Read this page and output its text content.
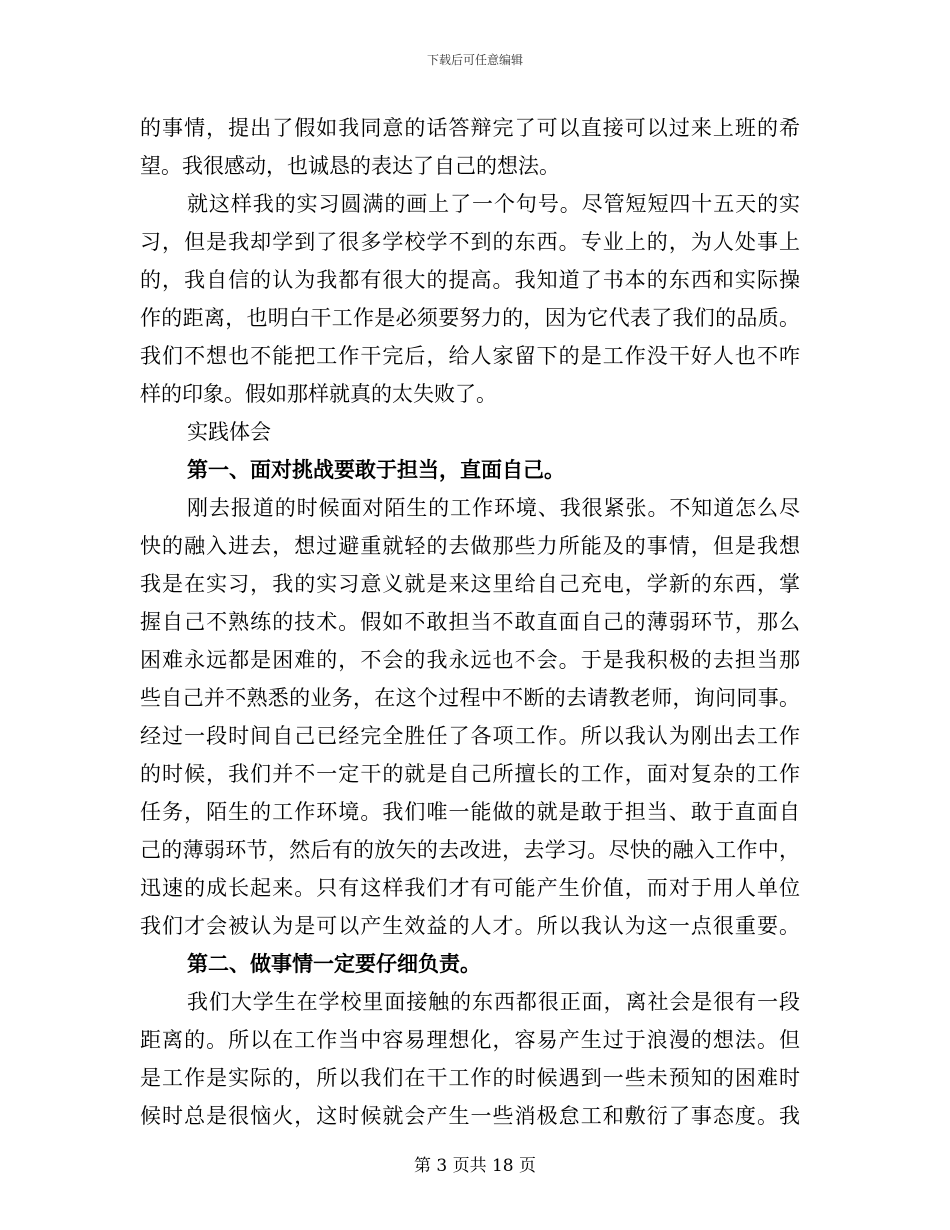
下载后可任意编辑
的事情，提出了假如我同意的话答辩完了可以直接可以过来上班的希
望。我很感动，也诚恳的表达了自己的想法。
就这样我的实习圆满的画上了一个句号。尽管短短四十五天的实
习，但是我却学到了很多学校学不到的东西。专业上的，为人处事上
的，我自信的认为我都有很大的提高。我知道了书本的东西和实际操
作的距离，也明白干工作是必须要努力的，因为它代表了我们的品质。
我们不想也不能把工作干完后，给人家留下的是工作没干好人也不咋
样的印象。假如那样就真的太失败了。
实践体会
第一、面对挑战要敢于担当，直面自己。
刚去报道的时候面对陌生的工作环境、我很紧张。不知道怎么尽
快的融入进去，想过避重就轻的去做那些力所能及的事情，但是我想
我是在实习，我的实习意义就是来这里给自己充电，学新的东西，掌
握自己不熟练的技术。假如不敢担当不敢直面自己的薄弱环节，那么
困难永远都是困难的，不会的我永远也不会。于是我积极的去担当那
些自己并不熟悉的业务，在这个过程中不断的去请教老师，询问同事。
经过一段时间自己已经完全胜任了各项工作。所以我认为刚出去工作
的时候，我们并不一定干的就是自己所擅长的工作，面对复杂的工作
任务，陌生的工作环境。我们唯一能做的就是敢于担当、敢于直面自
己的薄弱环节，然后有的放矢的去改进，去学习。尽快的融入工作中，
迅速的成长起来。只有这样我们才有可能产生价值，而对于用人单位
我们才会被认为是可以产生效益的人才。所以我认为这一点很重要。
第二、做事情一定要仔细负责。
我们大学生在学校里面接触的东西都很正面，离社会是很有一段
距离的。所以在工作当中容易理想化，容易产生过于浪漫的想法。但
是工作是实际的，所以我们在干工作的时候遇到一些未预知的困难时
候时总是很恼火，这时候就会产生一些消极怠工和敷衍了事态度。我
第 3 页共 18 页
